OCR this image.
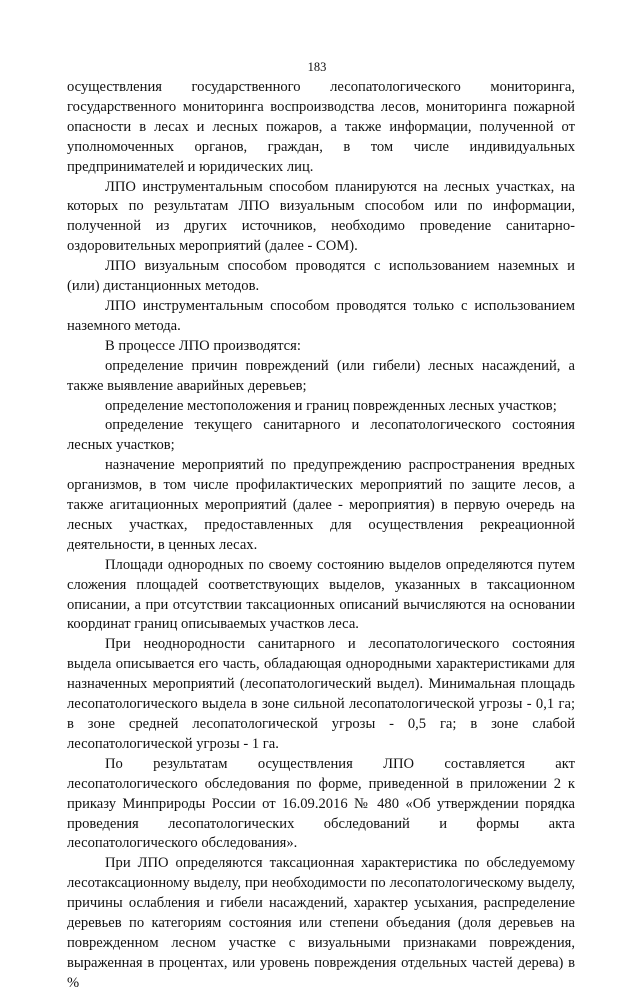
183

осуществления государственного лесопатологического мониторинга, государственного мониторинга воспроизводства лесов, мониторинга пожарной опасности в лесах и лесных пожаров, а также информации, полученной от уполномоченных органов, граждан, в том числе индивидуальных предпринимателей и юридических лиц.

ЛПО инструментальным способом планируются на лесных участках, на которых по результатам ЛПО визуальным способом или по информации, полученной из других источников, необходимо проведение санитарно-оздоровительных мероприятий (далее - СОМ).

ЛПО визуальным способом проводятся с использованием наземных и (или) дистанционных методов.

ЛПО инструментальным способом проводятся только с использованием наземного метода.

В процессе ЛПО производятся:

определение причин повреждений (или гибели) лесных насаждений, а также выявление аварийных деревьев;

определение местоположения и границ поврежденных лесных участков;

определение текущего санитарного и лесопатологического состояния лесных участков;

назначение мероприятий по предупреждению распространения вредных организмов, в том числе профилактических мероприятий по защите лесов, а также агитационных мероприятий (далее - мероприятия) в первую очередь на лесных участках, предоставленных для осуществления рекреационной деятельности, в ценных лесах.

Площади однородных по своему состоянию выделов определяются путем сложения площадей соответствующих выделов, указанных в таксационном описании, а при отсутствии таксационных описаний вычисляются на основании координат границ описываемых участков леса.

При неоднородности санитарного и лесопатологического состояния выдела описывается его часть, обладающая однородными характеристиками для назначенных мероприятий (лесопатологический выдел). Минимальная площадь лесопатологического выдела в зоне сильной лесопатологической угрозы - 0,1 га; в зоне средней лесопатологической угрозы - 0,5 га; в зоне слабой лесопатологической угрозы - 1 га.

По результатам осуществления ЛПО составляется акт лесопатологического обследования по форме, приведенной в приложении 2 к приказу Минприроды России от 16.09.2016 № 480 «Об утверждении порядка проведения лесопатологических обследований и формы акта лесопатологического обследования».

При ЛПО определяются таксационная характеристика по обследуемому лесотаксационному выделу, при необходимости по лесопатологическому выделу, причины ослабления и гибели насаждений, характер усыхания, распределение деревьев по категориям состояния или степени объедания (доля деревьев на поврежденном лесном участке с визуальными признаками повреждения, выраженная в процентах, или уровень повреждения отдельных частей дерева) в %
